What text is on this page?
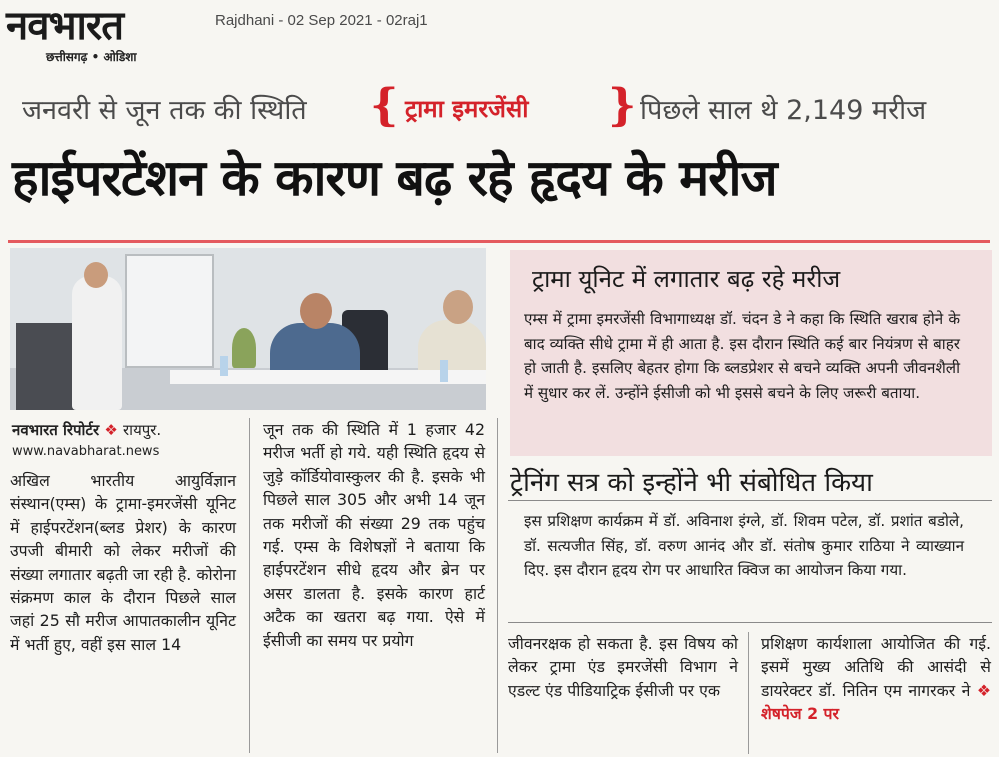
नवभारत
छत्तीसगढ़ • ओडिशा
Rajdhani - 02 Sep 2021 - 02raj1
जनवरी से जून तक की स्थिति { ट्रामा इमरजेंसी } पिछले साल थे 2,149 मरीज
हाईपरटेंशन के कारण बढ़ रहे हृदय के मरीज
नवभारत रिपोर्टर ❖ रायपुर.
www.navabharat.news
अखिल भारतीय आयुर्विज्ञान संस्थान(एम्स) के ट्रामा-इमरजेंसी यूनिट में हाईपरटेंशन(ब्लड प्रेशर) के कारण उपजी बीमारी को लेकर मरीजों की संख्या लगातार बढ़ती जा रही है. कोरोना संक्रमण काल के दौरान पिछले साल जहां 25 सौ मरीज आपातकालीन यूनिट में भर्ती हुए, वहीं इस साल 14
जून तक की स्थिति में 1 हजार 42 मरीज भर्ती हो गये. यही स्थिति हृदय से जुड़े कॉर्डियोवास्कुलर की है. इसके भी पिछले साल 305 और अभी 14 जून तक मरीजों की संख्या 29 तक पहुंच गई. एम्स के विशेषज्ञों ने बताया कि हाईपरटेंशन सीधे हृदय और ब्रेन पर असर डालता है. इसके कारण हार्ट अटैक का खतरा बढ़ गया. ऐसे में ईसीजी का समय पर प्रयोग
ट्रामा यूनिट में लगातार बढ़ रहे मरीज
एम्स में ट्रामा इमरजेंसी विभागाध्यक्ष डॉ. चंदन डे ने कहा कि स्थिति खराब होने के बाद व्यक्ति सीधे ट्रामा में ही आता है. इस दौरान स्थिति कई बार नियंत्रण से बाहर हो जाती है. इसलिए बेहतर होगा कि ब्लडप्रेशर से बचने व्यक्ति अपनी जीवनशैली में सुधार कर लें. उन्होंने ईसीजी को भी इससे बचने के लिए जरूरी बताया.
ट्रेनिंग सत्र को इन्होंने भी संबोधित किया
इस प्रशिक्षण कार्यक्रम में डॉ. अविनाश इंग्ले, डॉ. शिवम पटेल, डॉ. प्रशांत बडोले, डॉ. सत्यजीत सिंह, डॉ. वरुण आनंद और डॉ. संतोष कुमार राठिया ने व्याख्यान दिए. इस दौरान हृदय रोग पर आधारित क्विज का आयोजन किया गया.
जीवनरक्षक हो सकता है. इस विषय को लेकर ट्रामा एंड इमरजेंसी विभाग ने एडल्ट एंड पीडियाट्रिक ईसीजी पर एक
प्रशिक्षण कार्यशाला आयोजित की गई. इसमें मुख्य अतिथि की आसंदी से डायरेक्टर डॉ. नितिन एम नागरकर ने ❖ शेषपेज 2 पर
